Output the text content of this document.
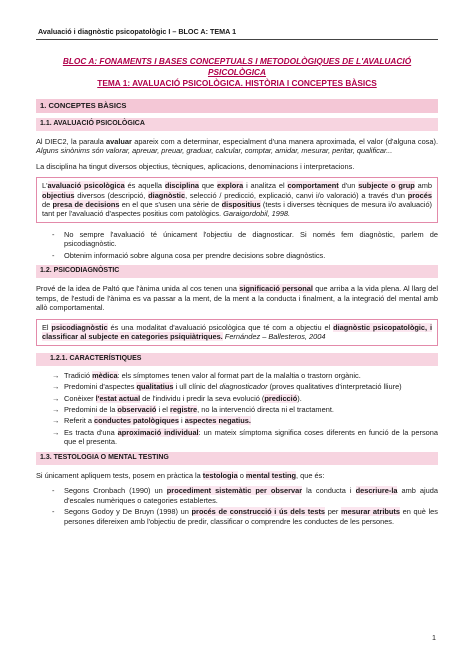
Avaluació i diagnòstic psicopatològic I – BLOC A: TEMA 1
BLOC A: FONAMENTS I BASES CONCEPTUALS I METODOLÒGIQUES DE L'AVALUACIÓ PSICOLÒGICA
TEMA 1: AVALUACIÓ PSICOLÒGICA. HISTÒRIA I CONCEPTES BÀSICS
1. CONCEPTES BÀSICS
1.1. AVALUACIÓ PSICOLÒGICA

Al DIEC2, la paraula avaluar apareix com a determinar, especialment d'una manera aproximada, el valor (d'alguna cosa). Alguns sinònims són valorar, apreuar, preuar, graduar, calcular, comptar, amidar, mesurar, peritar, qualificar...

La disciplina ha tingut diversos objectius, tècniques, aplicacions, denominacions i interpretacions.

L'avaluació psicològica és aquella disciplina que explora i analitza el comportament d'un subjecte o grup amb objectius diversos (descripció, diagnòstic, selecció / predicció, explicació, canvi i/o valoració) a través d'un procés de presa de decisions en el que s'usen una sèrie de dispositius (tests i diverses tècniques de mesura i/o avaluació) tant per l'avaluació d'aspectes positius com patològics. Garaigordobil, 1998.
- No sempre l'avaluació té únicament l'objectiu de diagnosticar. Si només fem diagnòstic, parlem de psicodiagnòstic.
- Obtenim informació sobre alguna cosa per prendre decisions sobre diagnòstics.
1.2. PSICODIAGNÒSTIC

Prové de la idea de Paltó que l'ànima unida al cos tenen una significació personal que arriba a la vida plena. Al llarg del temps, de l'estudi de l'ànima es va passar a la ment, de la ment a la conducta i finalment, a la integració del mental amb allò comportamental.

El psicodiagnòstic és una modalitat d'avaluació psicològica que té com a objectiu el diagnòstic psicopatològic, i classificar al subjecte en categories psiquiàtriques. Fernández – Ballesteros, 2004
1.2.1. CARACTERÍSTIQUES
→ Tradició mèdica: els símptomes tenen valor al format part de la malaltia o trastorn orgànic.
→ Predomini d'aspectes qualitatius i ull clínic del diagnosticador (proves qualitatives d'interpretació lliure)
→ Conèixer l'estat actual de l'individu i predir la seva evolució (predicció).
→ Predomini de la observació i el registre, no la intervenció directa ni el tractament.
→ Referit a conductes patològiques i aspectes negatius.
→ Es tracta d'una aproximació individual: un mateix símptoma significa coses diferents en funció de la persona que el presenta.
1.3. TESTOLOGIA O MENTAL TESTING

Si únicament apliquem tests, posem en pràctica la testologia o mental testing, que és:

- Segons Cronbach (1990) un procediment sistemàtic per observar la conducta i descriure-la amb ajuda d'escales numèriques o categories establertes.
- Segons Godoy y De Bruyn (1998) un procés de construcció i ús dels tests per mesurar atributs en què les persones difereixen amb l'objectiu de predir, classificar o comprendre les conductes de les persones.
1
